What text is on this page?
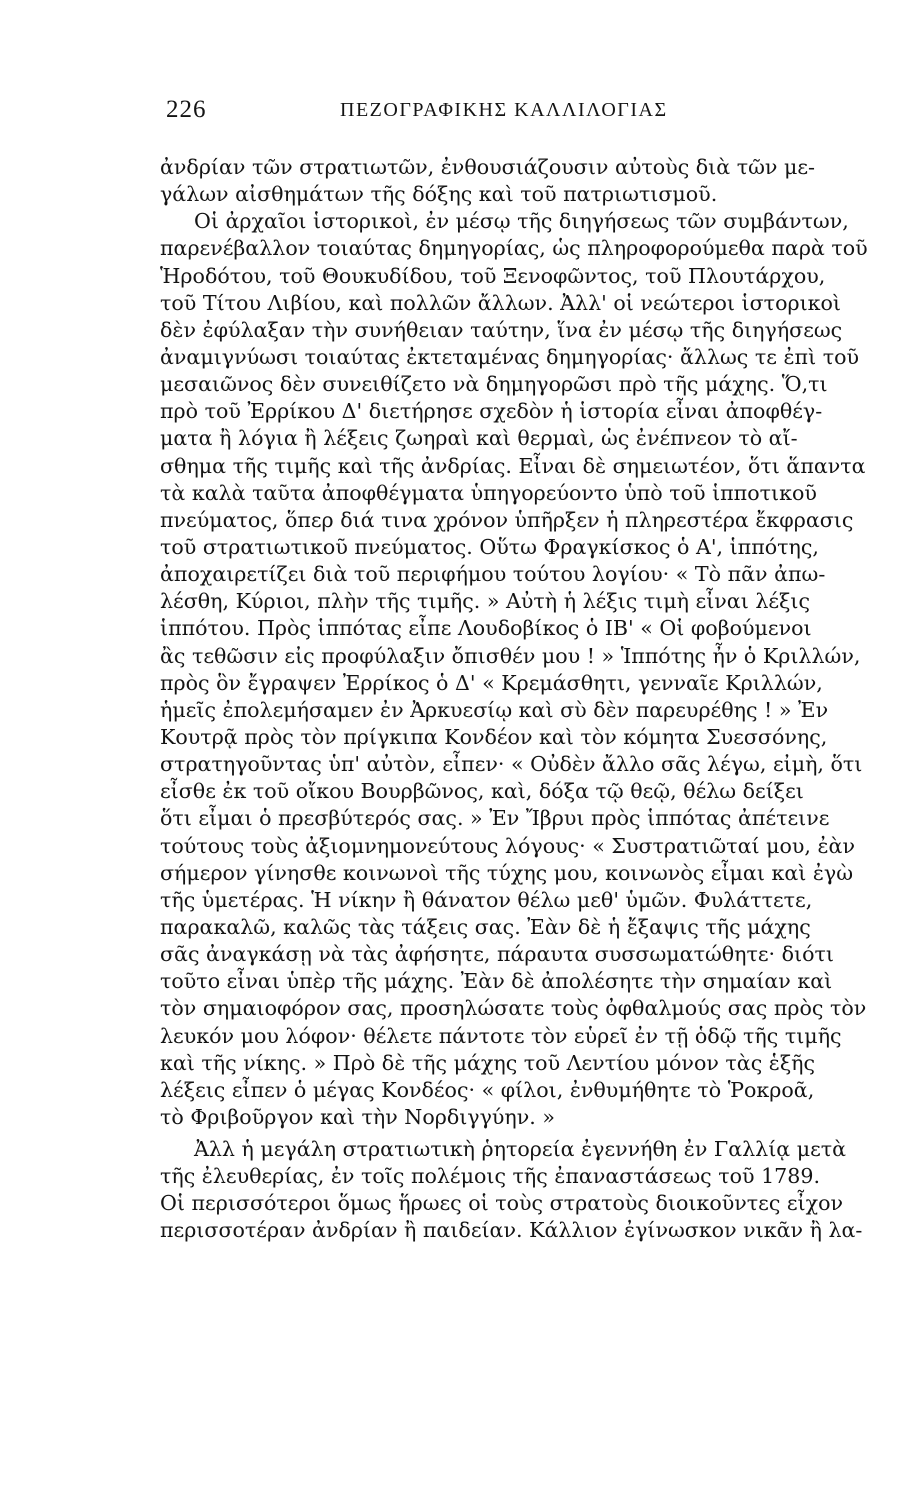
226	ΠΕΖΟΓΡΑΦΙΚΗΣ ΚΑΛΛΙΛΟΓΙΑΣ
ἀνδρίαν τῶν στρατιωτῶν, ἐνθουσιάζουσιν αὐτοὺς διὰ τῶν με-
γάλων αἰσθημάτων τῆς δόξης καὶ τοῦ πατριωτισμοῦ.
Οἱ ἀρχαῖοι ἱστορικοὶ, ἐν μέσῳ τῆς διηγήσεως τῶν συμβάντων,
παρενέβαλλον τοιαύτας δημηγορίας, ὡς πληροφορούμεθα παρὰ τοῦ
Ἡροδότου, τοῦ Θουκυδίδου, τοῦ Ξενοφῶντος, τοῦ Πλουτάρχου,
τοῦ Τίτου Λιβίου, καὶ πολλῶν ἄλλων. Ἀλλ' οἱ νεώτεροι ἱστορικοὶ
δὲν ἐφύλαξαν τὴν συνήθειαν ταύτην, ἵνα ἐν μέσῳ τῆς διηγήσεως
ἀναμιγνύωσι τοιαύτας ἐκτεταμένας δημηγορίας· ἄλλως τε ἐπὶ τοῦ
μεσαιῶνος δὲν συνειθίζετο νὰ δημηγορῶσι πρὸ τῆς μάχης. Ὅ,τι
πρὸ τοῦ Ἐρρίκου Δ' διετήρησε σχεδὸν ἡ ἱστορία εἶναι ἀποφθέγ-
ματα ἢ λόγια ἢ λέξεις ζωηραὶ καὶ θερμαὶ, ὡς ἐνέπνεον τὸ αἴ-
σθημα τῆς τιμῆς καὶ τῆς ἀνδρίας. Εἶναι δὲ σημειωτέον, ὅτι ἅπαντα
τὰ καλὰ ταῦτα ἀποφθέγματα ὑπηγορεύοντο ὑπὸ τοῦ ἱπποτικοῦ
πνεύματος, ὅπερ διά τινα χρόνον ὑπῆρξεν ἡ πληρεστέρα ἔκφρασις
τοῦ στρατιωτικοῦ πνεύματος. Οὕτω Φραγκίσκος ὁ Α', ἱππότης,
ἀποχαιρετίζει διὰ τοῦ περιφήμου τούτου λογίου· « Τὸ πᾶν ἀπω-
λέσθη, Κύριοι, πλὴν τῆς τιμῆς. » Αὐτὴ ἡ λέξις τιμὴ εἶναι λέξις
ἱππότου. Πρὸς ἱππότας εἶπε Λουδοβίκος ὁ ΙΒ' « Οἱ φοβούμενοι
ἂς τεθῶσιν εἰς προφύλαξιν ὄπισθέν μου ! » Ἱππότης ἦν ὁ Κριλλών,
πρὸς ὃν ἔγραψεν Ἐρρίκος ὁ Δ' « Κρεμάσθητι, γενναῖε Κριλλών,
ἡμεῖς ἐπολεμήσαμεν ἐν Ἀρκυεσίῳ καὶ σὺ δὲν παρευρέθης ! » Ἐν
Κουτρᾷ πρὸς τὸν πρίγκιπα Κονδέον καὶ τὸν κόμητα Συεσσόνης,
στρατηγοῦντας ὑπ' αὐτὸν, εἶπεν· « Οὐδὲν ἄλλο σᾶς λέγω, εἰμὴ, ὅτι
εἶσθε ἐκ τοῦ οἴκου Βουρβῶνος, καὶ, δόξα τῷ θεῷ, θέλω δείξει
ὅτι εἶμαι ὁ πρεσβύτερός σας. » Ἐν Ἴβρυι πρὸς ἱππότας ἀπέτεινε
τούτους τοὺς ἀξιομνημονεύτους λόγους· « Συστρατιῶταί μου, ἐὰν
σήμερον γίνησθε κοινωνοὶ τῆς τύχης μου, κοινωνὸς εἶμαι καὶ ἐγὼ
τῆς ὑμετέρας. Ἡ νίκην ἢ θάνατον θέλω μεθ' ὑμῶν. Φυλάττετε,
παρακαλῶ, καλῶς τὰς τάξεις σας. Ἐὰν δὲ ἡ ἔξαψις τῆς μάχης
σᾶς ἀναγκάσῃ νὰ τὰς ἀφήσητε, πάραυτα συσσωματώθητε· διότι
τοῦτο εἶναι ὑπὲρ τῆς μάχης. Ἐὰν δὲ ἀπολέσητε τὴν σημαίαν καὶ
τὸν σημαιοφόρον σας, προσηλώσατε τοὺς ὀφθαλμούς σας πρὸς τὸν
λευκόν μου λόφον· θέλετε πάντοτε τὸν εὑρεῖ ἐν τῇ ὁδῷ τῆς τιμῆς
καὶ τῆς νίκης. » Πρὸ δὲ τῆς μάχης τοῦ Λεντίου μόνον τὰς ἑξῆς
λέξεις εἶπεν ὁ μέγας Κονδέος· « φίλοι, ἐνθυμήθητε τὸ Ῥοκροᾶ,
τὸ Φριβοῦργον καὶ τὴν Νορδιγγύην. »
Ἀλλ ἡ μεγάλη στρατιωτικὴ ῥητορεία ἐγεννήθη ἐν Γαλλίᾳ μετὰ
τῆς ἐλευθερίας, ἐν τοῖς πολέμοις τῆς ἐπαναστάσεως τοῦ 1789.
Οἱ περισσότεροι ὅμως ἥρωες οἱ τοὺς στρατοὺς διοικοῦντες εἶχον
περισσοτέραν ἀνδρίαν ἢ παιδείαν. Κάλλιον ἐγίνωσκον νικᾶν ἢ λα-
